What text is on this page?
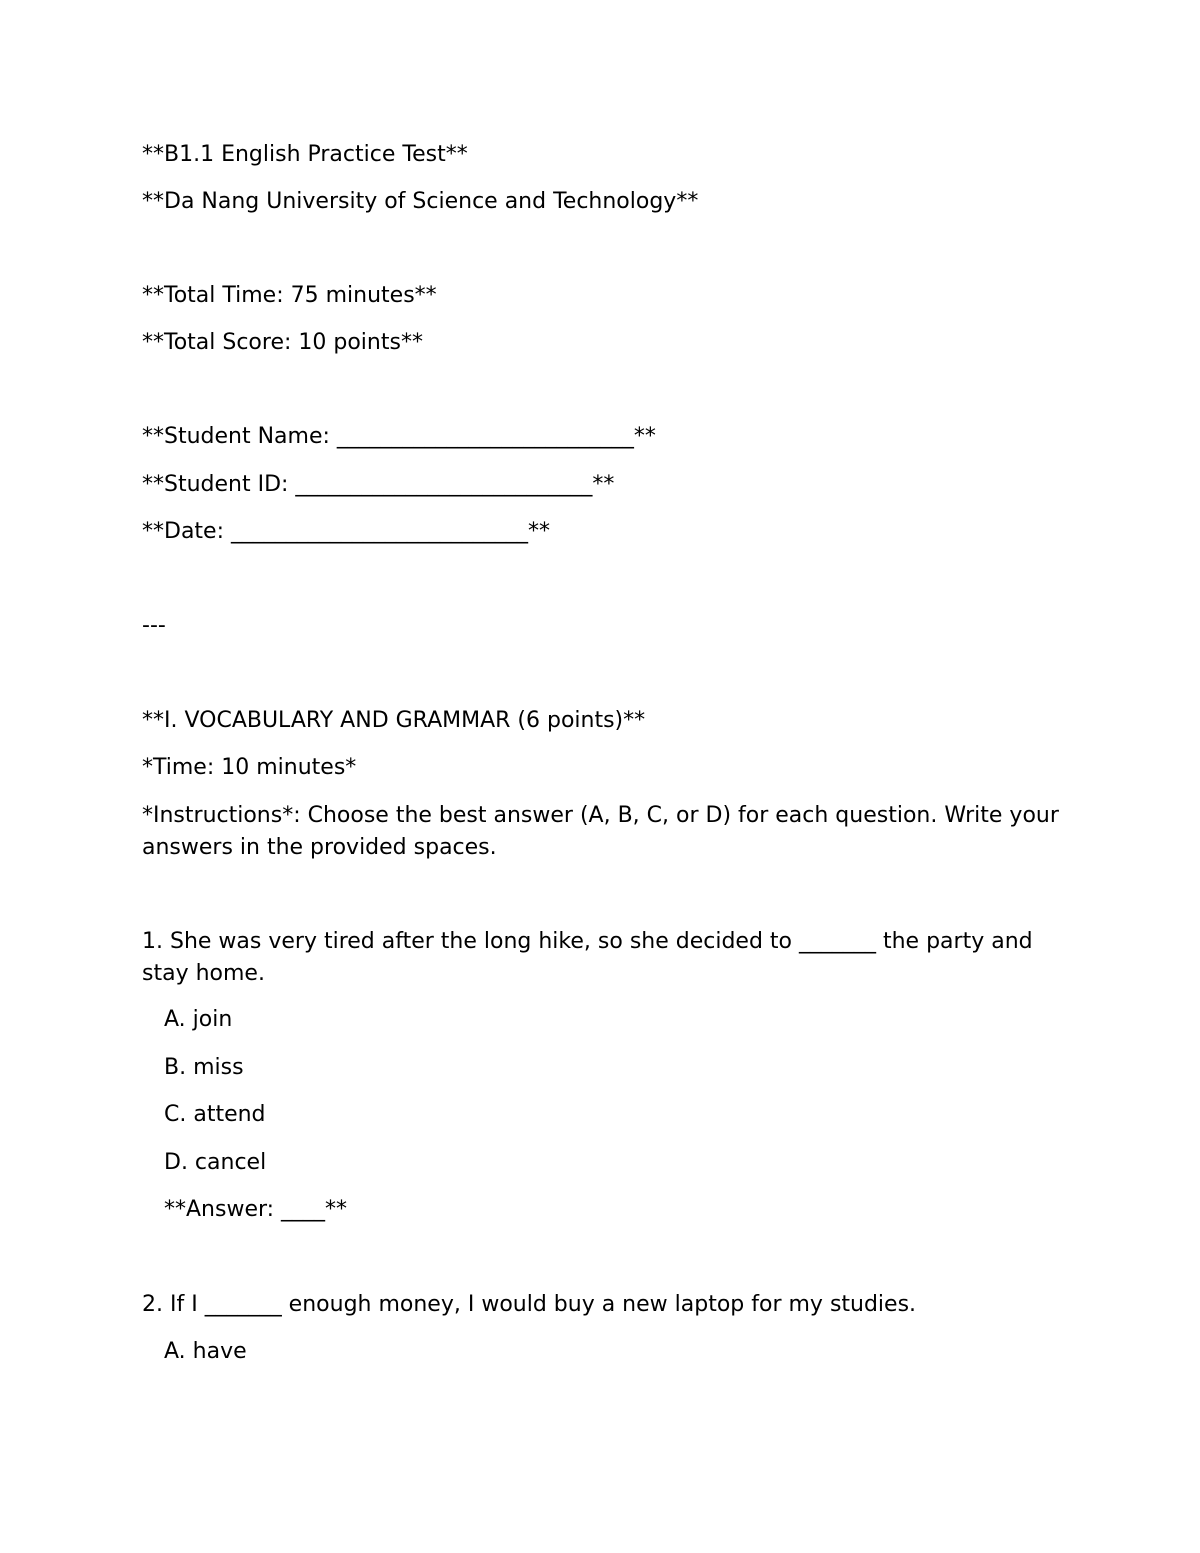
**B1.1 English Practice Test**

**Da Nang University of Science and Technology**

**Total Time: 75 minutes**

**Total Score: 10 points**

**Student Name: ___________________________**

**Student ID: ___________________________**

**Date: ___________________________**

---

**I. VOCABULARY AND GRAMMAR (6 points)**

*Time: 10 minutes*

*Instructions*: Choose the best answer (A, B, C, or D) for each question. Write your answers in the provided spaces.

1. She was very tired after the long hike, so she decided to _______ the party and stay home.

A. join

B. miss

C. attend

D. cancel

**Answer: ____**

2. If I _______ enough money, I would buy a new laptop for my studies.

A. have
